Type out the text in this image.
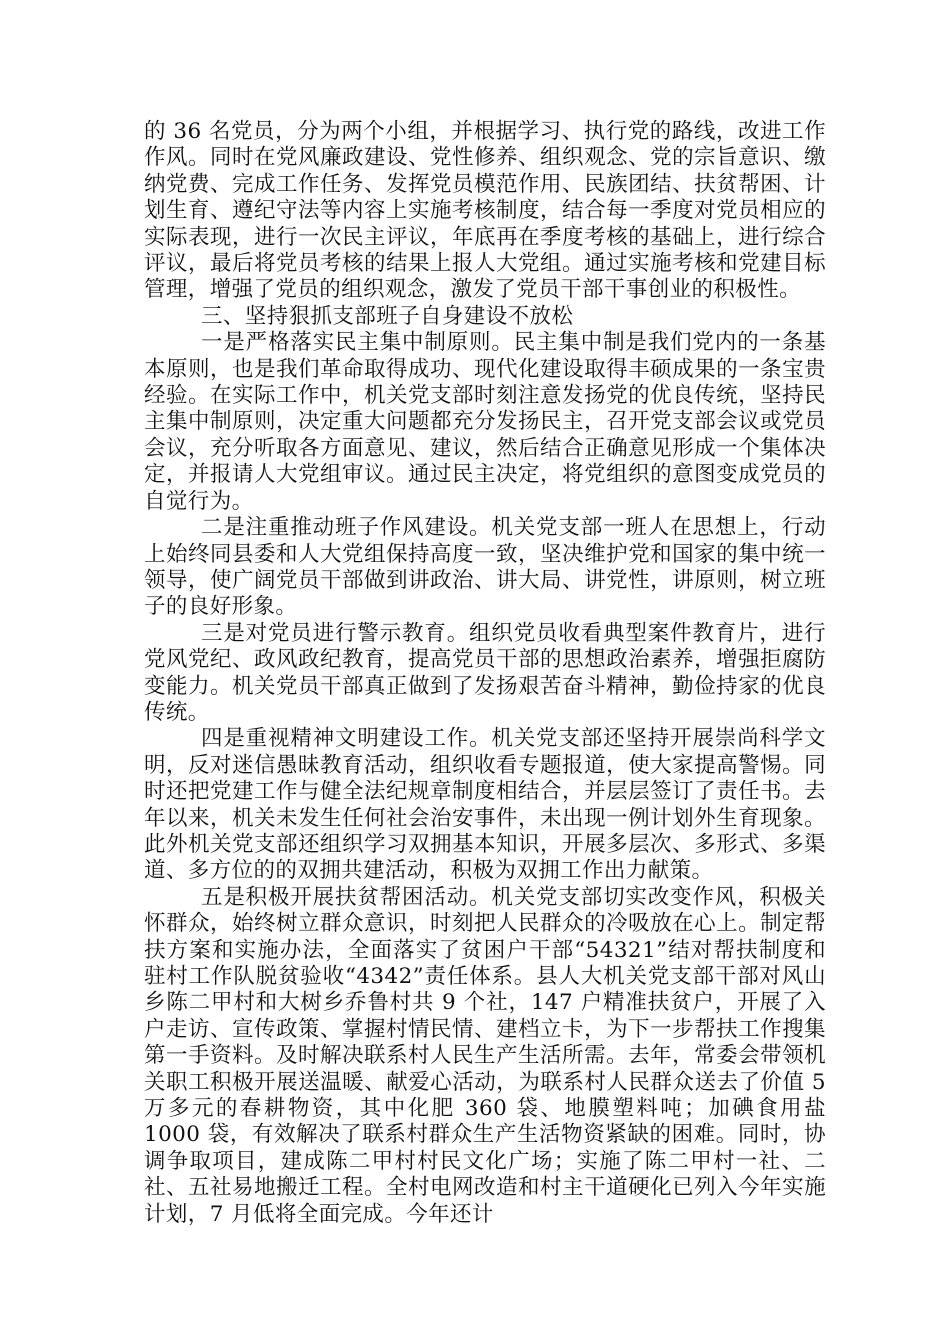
的 36 名党员，分为两个小组，并根据学习、执行党的路线，改进工作作风。同时在党风廉政建设、党性修养、组织观念、党的宗旨意识、缴纳党费、完成工作任务、发挥党员模范作用、民族团结、扶贫帮困、计划生育、遵纪守法等内容上实施考核制度，结合每一季度对党员相应的实际表现，进行一次民主评议，年底再在季度考核的基础上，进行综合评议，最后将党员考核的结果上报人大党组。通过实施考核和党建目标管理，增强了党员的组织观念，激发了党员干部干事创业的积极性。

三、坚持狠抓支部班子自身建设不放松

一是严格落实民主集中制原则。民主集中制是我们党内的一条基本原则，也是我们革命取得成功、现代化建设取得丰硕成果的一条宝贵经验。在实际工作中，机关党支部时刻注意发扬党的优良传统，坚持民主集中制原则，决定重大问题都充分发扬民主，召开党支部会议或党员会议，充分听取各方面意见、建议，然后结合正确意见形成一个集体决定，并报请人大党组审议。通过民主决定，将党组织的意图变成党员的自觉行为。

二是注重推动班子作风建设。机关党支部一班人在思想上，行动上始终同县委和人大党组保持高度一致，坚决维护党和国家的集中统一领导，使广阔党员干部做到讲政治、讲大局、讲党性，讲原则，树立班子的良好形象。

三是对党员进行警示教育。组织党员收看典型案件教育片，进行党风党纪、政风政纪教育，提高党员干部的思想政治素养，增强拒腐防变能力。机关党员干部真正做到了发扬艰苦奋斗精神，勤俭持家的优良传统。

四是重视精神文明建设工作。机关党支部还坚持开展崇尚科学文明，反对迷信愚昧教育活动，组织收看专题报道，使大家提高警惕。同时还把党建工作与健全法纪规章制度相结合，并层层签订了责任书。去年以来，机关未发生任何社会治安事件，未出现一例计划外生育现象。此外机关党支部还组织学习双拥基本知识，开展多层次、多形式、多渠道、多方位的的双拥共建活动，积极为双拥工作出力献策。

五是积极开展扶贫帮困活动。机关党支部切实改变作风，积极关怀群众，始终树立群众意识，时刻把人民群众的冷吸放在心上。制定帮扶方案和实施办法，全面落实了贫困户干部“54321”结对帮扶制度和驻村工作队脱贫验收“4342”责任体系。县人大机关党支部干部对风山乡陈二甲村和大树乡乔鲁村共 9 个社，147 户精准扶贫户，开展了入户走访、宣传政策、掌握村情民情、建档立卡，为下一步帮扶工作搜集第一手资料。及时解决联系村人民生产生活所需。去年，常委会带领机关职工积极开展送温暖、献爱心活动，为联系村人民群众送去了价值 5 万多元的春耕物资，其中化肥 360 袋、地膜塑料吨；加碘食用盐 1000 袋，有效解决了联系村群众生产生活物资紧缺的困难。同时，协调争取项目，建成陈二甲村村民文化广场；实施了陈二甲村一社、二社、五社易地搬迁工程。全村电网改造和村主干道硬化已列入今年实施计划，7 月低将全面完成。今年还计
